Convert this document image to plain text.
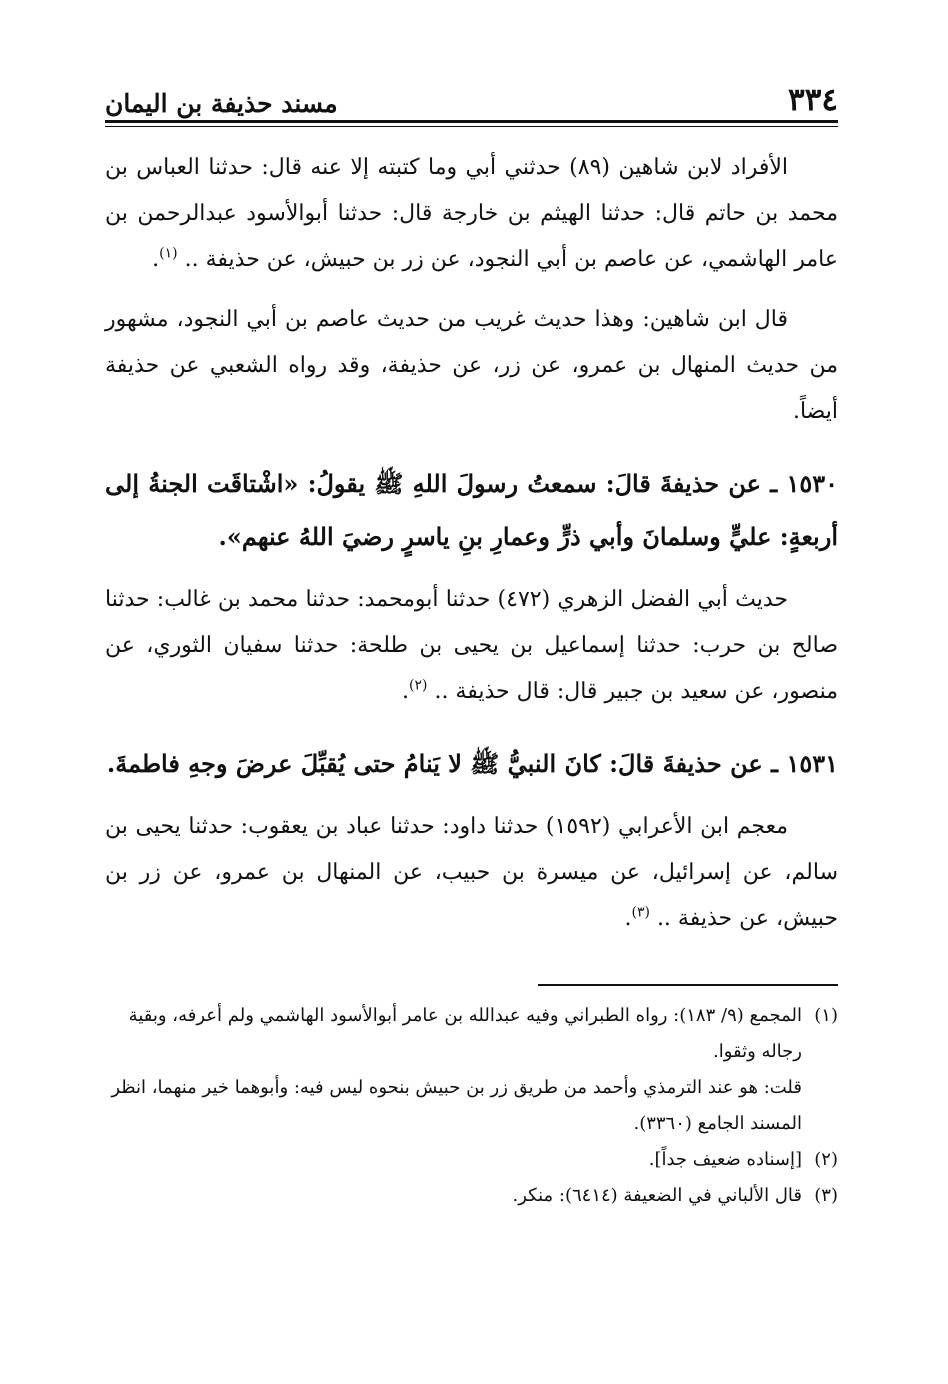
٣٣٤
مسند حذيفة بن اليمان

الأفراد لابن شاهين (٨٩) حدثني أبي وما كتبته إلا عنه قال: حدثنا العباس بن محمد بن حاتم قال: حدثنا الهيثم بن خارجة قال: حدثنا أبوالأسود عبدالرحمن بن عامر الهاشمي، عن عاصم بن أبي النجود، عن زر بن حبيش، عن حذيفة .. $^{(١)}$.

قال ابن شاهين: وهذا حديث غريب من حديث عاصم بن أبي النجود، مشهور من حديث المنهال بن عمرو، عن زر، عن حذيفة، وقد رواه الشعبي عن حذيفة أيضاً.

١٥٣٠ ـ عن حذيفةَ قالَ: سمعتُ رسولَ اللهِ ﷺ يقولُ: «اشْتاقَت الجنةُ إلى أربعةٍ: عليٍّ وسلمانَ وأبي ذرٍّ وعمارِ بنِ ياسرٍ رضيَ اللهُ عنهم».

حديث أبي الفضل الزهري (٤٧٢) حدثنا أبومحمد: حدثنا محمد بن غالب: حدثنا صالح بن حرب: حدثنا إسماعيل بن يحيى بن طلحة: حدثنا سفيان الثوري، عن منصور، عن سعيد بن جبير قال: قال حذيفة .. $^{(٢)}$.

١٥٣١ ـ عن حذيفةَ قالَ: كانَ النبيُّ ﷺ لا يَنامُ حتى يُقبِّلَ عرضَ وجهِ فاطمةَ.

معجم ابن الأعرابي (١٥٩٢) حدثنا داود: حدثنا عباد بن يعقوب: حدثنا يحيى بن سالم، عن إسرائيل، عن ميسرة بن حبيب، عن المنهال بن عمرو، عن زر بن حبيش، عن حذيفة .. $^{(٣)}$.

(١)
المجمع (٩/ ١٨٣): رواه الطبراني وفيه عبدالله بن عامر أبوالأسود الهاشمي ولم أعرفه، وبقية رجاله وثقوا.
قلت: هو عند الترمذي وأحمد من طريق زر بن حبيش بنحوه ليس فيه: وأبوهما خير منهما، انظر المسند الجامع (٣٣٦٠).
(٢)
[إسناده ضعيف جداً].
(٣)
قال الألباني في الضعيفة (٦٤١٤): منكر.
